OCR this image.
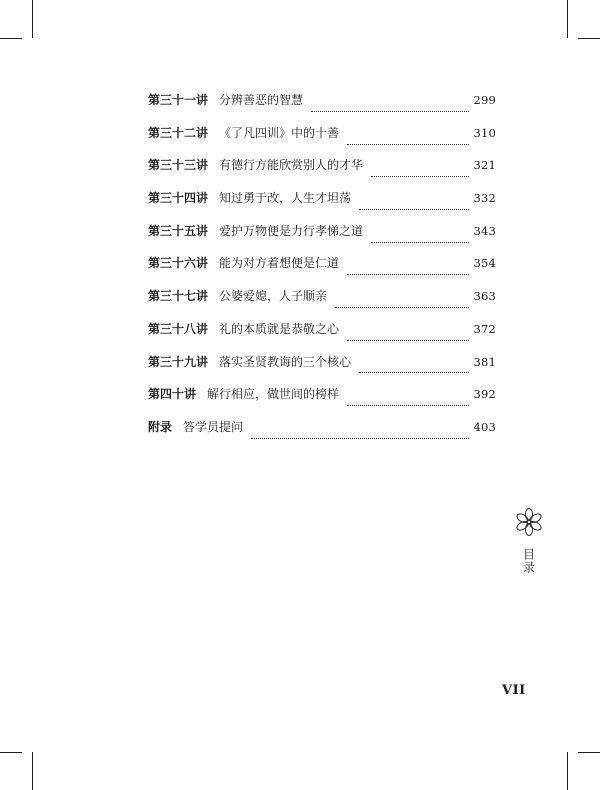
第三十一讲 分辨善恶的智慧	299
第三十二讲 《了凡四训》中的十善	310
第三十三讲 有德行方能欣赏别人的才华	321
第三十四讲 知过勇于改，人生才坦荡	332
第三十五讲 爱护万物便是力行孝悌之道	343
第三十六讲 能为对方着想便是仁道	354
第三十七讲 公婆爱媳，人子顺亲	363
第三十八讲 礼的本质就是恭敬之心	372
第三十九讲 落实圣贤教诲的三个核心	381
第四十讲 解行相应，做世间的榜样	392
附录 答学员提问	403
目录
VII
